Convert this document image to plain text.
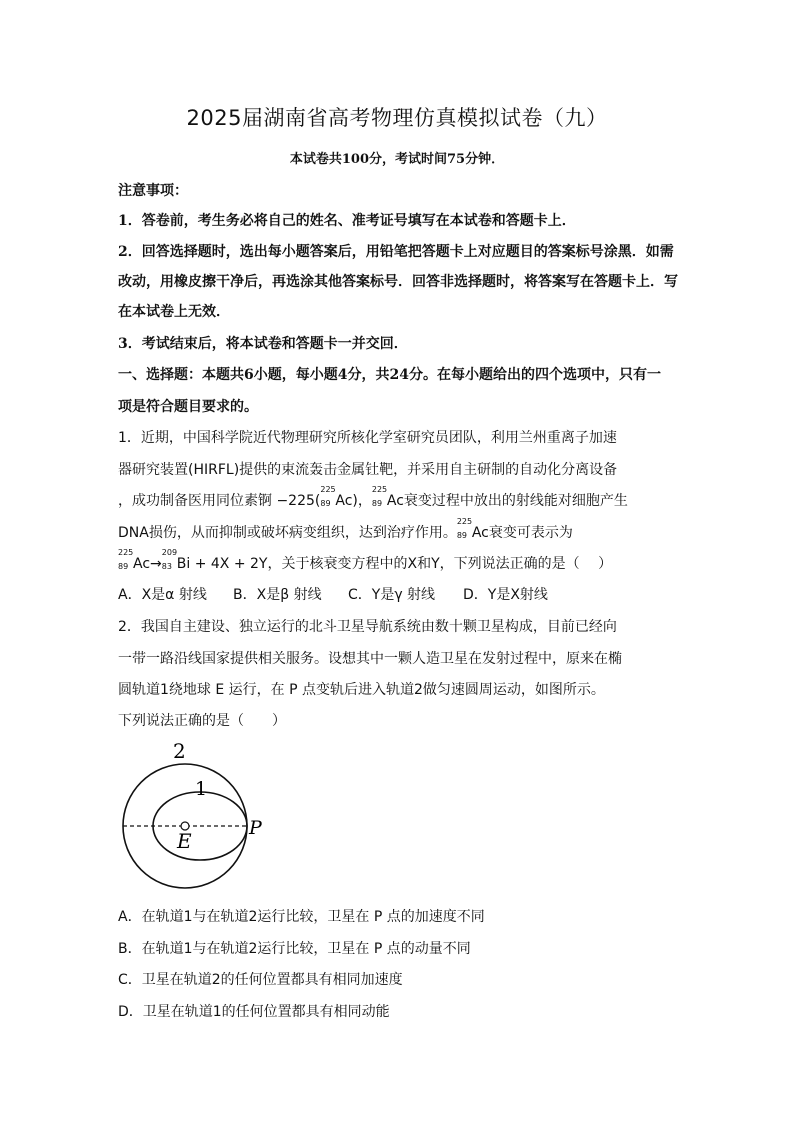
2025届湖南省高考物理仿真模拟试卷（九）
本试卷共100分，考试时间75分钟．
注意事项：
1．答卷前，考生务必将自己的姓名、准考证号填写在本试卷和答题卡上．
2．回答选择题时，选出每小题答案后，用铅笔把答题卡上对应题目的答案标号涂黑．如需
改动，用橡皮擦干净后，再选涂其他答案标号．回答非选择题时，将答案写在答题卡上．写
在本试卷上无效．
3．考试结束后，将本试卷和答题卡一并交回．
一、选择题：本题共6小题，每小题4分，共24分。在每小题给出的四个选项中，只有一
项是符合题目要求的。
1．近期，中国科学院近代物理研究所核化学室研究员团队，利用兰州重离子加速
器研究装置(HIRFL)提供的束流轰击金属钍靶，并采用自主研制的自动化分离设备
，成功制备医用同位素锕 −225(
225
89 Ac)，
225
89 Ac衰变过程中放出的射线能对细胞产生
DNA损伤，从而抑制或破坏病变组织，达到治疗作用。
225
89 Ac衰变可表示为
225
89 Ac→
209
83 Bi + 4X + 2Y，关于核衰变方程中的X和Y，下列说法正确的是（　 ）
A．X是α 射线 B．X是β 射线 C．Y是γ 射线 D．Y是X射线
2．我国自主建设、独立运行的北斗卫星导航系统由数十颗卫星构成，目前已经向
一带一路沿线国家提供相关服务。设想其中一颗人造卫星在发射过程中，原来在椭
圆轨道1绕地球 E 运行，在 P 点变轨后进入轨道2做匀速圆周运动，如图所示。
下列说法正确的是（　　）
2
1
E
P
A．在轨道1与在轨道2运行比较，卫星在 P 点的加速度不同
B．在轨道1与在轨道2运行比较，卫星在 P 点的动量不同
C．卫星在轨道2的任何位置都具有相同加速度
D．卫星在轨道1的任何位置都具有相同动能
